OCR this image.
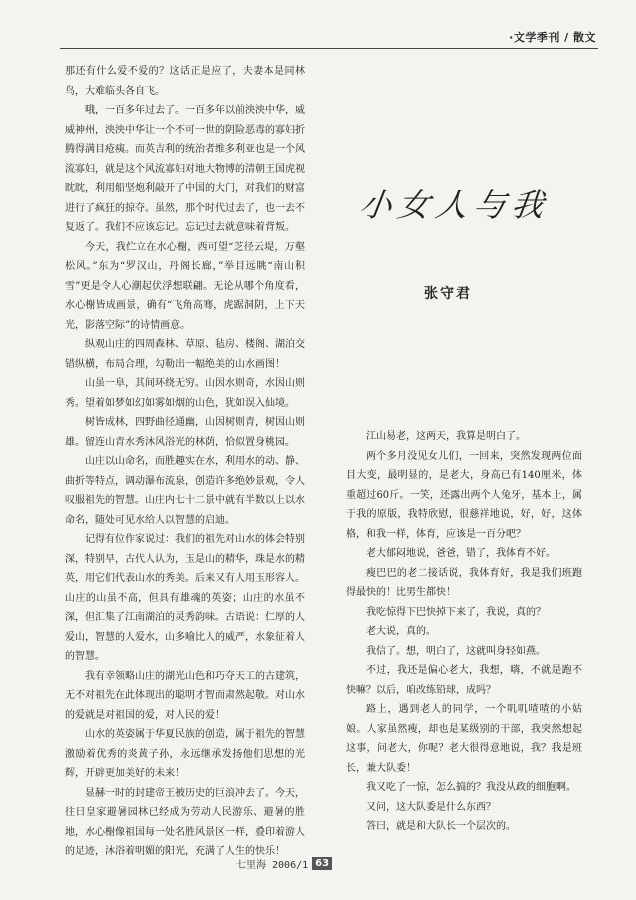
·文学季刊 / 散文

那还有什么爱不爱的？这话正是应了，夫妻本是同林鸟，大难临头各自飞。

哦，一百多年过去了。一百多年以前泱泱中华，威威神州，泱泱中华让一个不可一世的阴险恶毒的寡妇折腾得满目疮痍。而英吉利的统治者维多利亚也是一个风流寡妇，就是这个风流寡妇对地大物博的清朝王国虎视眈眈，利用船坚炮利敲开了中国的大门，对我们的财富进行了疯狂的掠夺。虽然，那个时代过去了，也一去不复返了。我们不应该忘记。忘记过去就意味着背叛。

今天，我伫立在水心榭，西可望“芝径云堤，万壑松风。”东为“罗汉山，丹阁长廊，”举目远眺“南山积雪”更是令人心潮起伏浮想联翩。无论从哪个角度看，水心榭皆成画景，确有“飞角高骞，虎踞洞阴，上下天光，影落空际”的诗情画意。

纵观山庄的四周森林、草原、毡房、楼阁、湖泊交错纵横，布局合理，勾勒出一幅绝美的山水画图！

山虽一阜，其间环绕无穷。山因水则奇，水因山则秀。望着如梦如幻如雾如烟的山色，犹如误入仙境。

树皆成林，四野曲径通幽，山因树则青，树因山则雄。留连山青水秀沐风浴光的林荫，恰似置身桃园。

山庄以山命名，而胜趣实在水，利用水的动、静、曲折等特点，调动瀑布流泉，创造许多绝妙景观，令人叹服祖先的智慧。山庄内七十二景中就有半数以上以水命名，随处可见水给人以智慧的启迪。

记得有位作家说过：我们的祖先对山水的体会特别深，特别早，古代人认为，玉是山的精华，珠是水的精英，用它们代表山水的秀美。后来又有人用玉形容人。山庄的山虽不高，但具有雄魂的英姿；山庄的水虽不深，但汇集了江南湖泊的灵秀韵味。古语说：仁厚的人爱山，智慧的人爱水，山多喻比人的威严，水象征着人的智慧。

我有幸领略山庄的湖光山色和巧夺天工的古建筑，无不对祖先在此体现出的聪明才智而肃然起敬。对山水的爱就是对祖国的爱，对人民的爱！

山水的英姿属于华夏民族的创造，属于祖先的智慧激励着优秀的炎黄子孙，永远继承发扬他们思想的光辉，开辟更加美好的未来！

显赫一时的封建帝王被历史的巨浪冲去了。今天，往日皇家避暑园林已经成为劳动人民游乐、避暑的胜地，水心榭像祖国每一处名胜风景区一样，叠印着游人的足迹，沐浴着明媚的阳光，充满了人生的快乐！

小女人与我
张守君

江山易老，这两天，我算是明白了。

两个多月没见女儿们，一回来，突然发现两位面目大变，最明显的，是老大，身高已有140厘米，体重超过60斤。一笑，还露出两个人兔牙，基本上，属于我的原版，我特欣慰，很慈祥地说，好，好，这体格，和我一样，体育，应该是一百分吧？

老大郁闷地说，爸爸，错了，我体育不好。

瘦巴巴的老二接话说，我体育好，我是我们班跑得最快的！比男生都快！

我吃惊得下巴快掉下来了，我说，真的？

老大说，真的。

我信了。想，明白了，这就叫身轻如燕。

不过，我还是偏心老大，我想，嗨，不就是跑不快嘛？以后，咱改练铅球，成吗？

路上，遇到老人的同学，一个叽叽喳喳的小姑娘。人家虽然瘦，却也是某级别的干部，我突然想起这事，问老大，你呢？老大很得意地说，我？我是班长，兼大队委！

我又吃了一惊，怎么搞的？我没从政的细胞啊。

又问，这大队委是什么东西？

答曰，就是和大队长一个层次的。

七里海 2006/1 63
